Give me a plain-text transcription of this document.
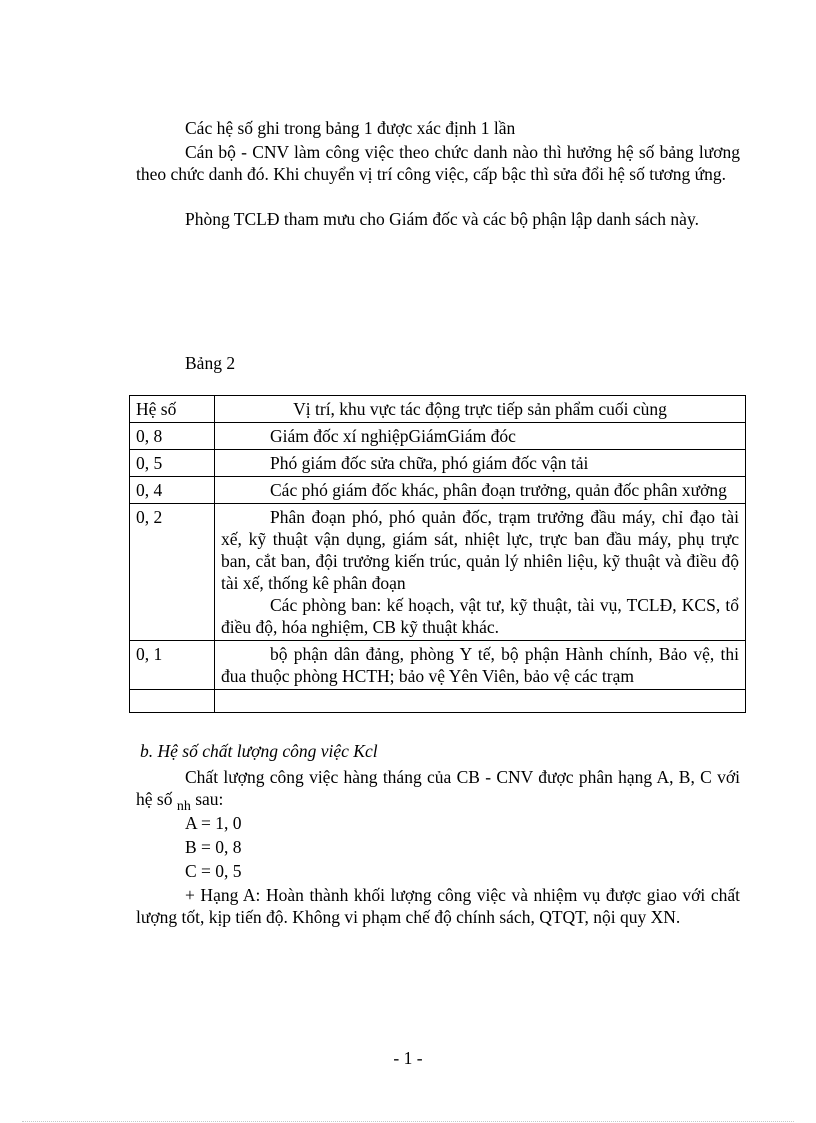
Các hệ số ghi trong bảng 1 được xác định 1 lần

Cán bộ - CNV làm công việc theo chức danh nào thì hưởng hệ số bảng lương theo chức danh đó. Khi chuyển vị trí công việc, cấp bậc thì sửa đổi hệ số tương ứng.

Phòng TCLĐ tham mưu cho Giám đốc và các bộ phận lập danh sách này.

Bảng 2

Hệ số	Vị trí, khu vực tác động trực tiếp sản phẩm cuối cùng
0, 8	Giám đốc xí nghiệpGiámGiám đóc

0, 5	Phó giám đốc sửa chữa, phó giám đốc vận tải

0, 4	Các phó giám đốc khác, phân đoạn trưởng, quản đốc phân xưởng

0, 2	Phân đoạn phó, phó quản đốc, trạm trưởng đầu máy, chỉ đạo tài xế, kỹ thuật vận dụng, giám sát, nhiệt lực, trực ban đầu máy, phụ trực ban, cắt ban, đội trưởng kiến trúc, quản lý nhiên liệu, kỹ thuật và điều độ tài xế, thống kê phân đoạn

Các phòng ban: kế hoạch, vật tư, kỹ thuật, tài vụ, TCLĐ, KCS, tổ điều độ, hóa nghiệm, CB kỹ thuật khác.

0, 1	bộ phận dân đảng, phòng Y tế, bộ phận Hành chính, Bảo vệ, thi đua thuộc phòng HCTH; bảo vệ Yên Viên, bảo vệ các trạm

b. Hệ số chất lượng công việc Kcl

Chất lượng công việc hàng tháng của CB - CNV được phân hạng A, B, C với hệ số $_{nh}$ sau:

A = 1, 0

B = 0, 8

C = 0, 5

+ Hạng A: Hoàn thành khối lượng công việc và nhiệm vụ được giao với chất lượng tốt, kịp tiến độ. Không vi phạm chế độ chính sách, QTQT, nội quy XN.

- 1 -
